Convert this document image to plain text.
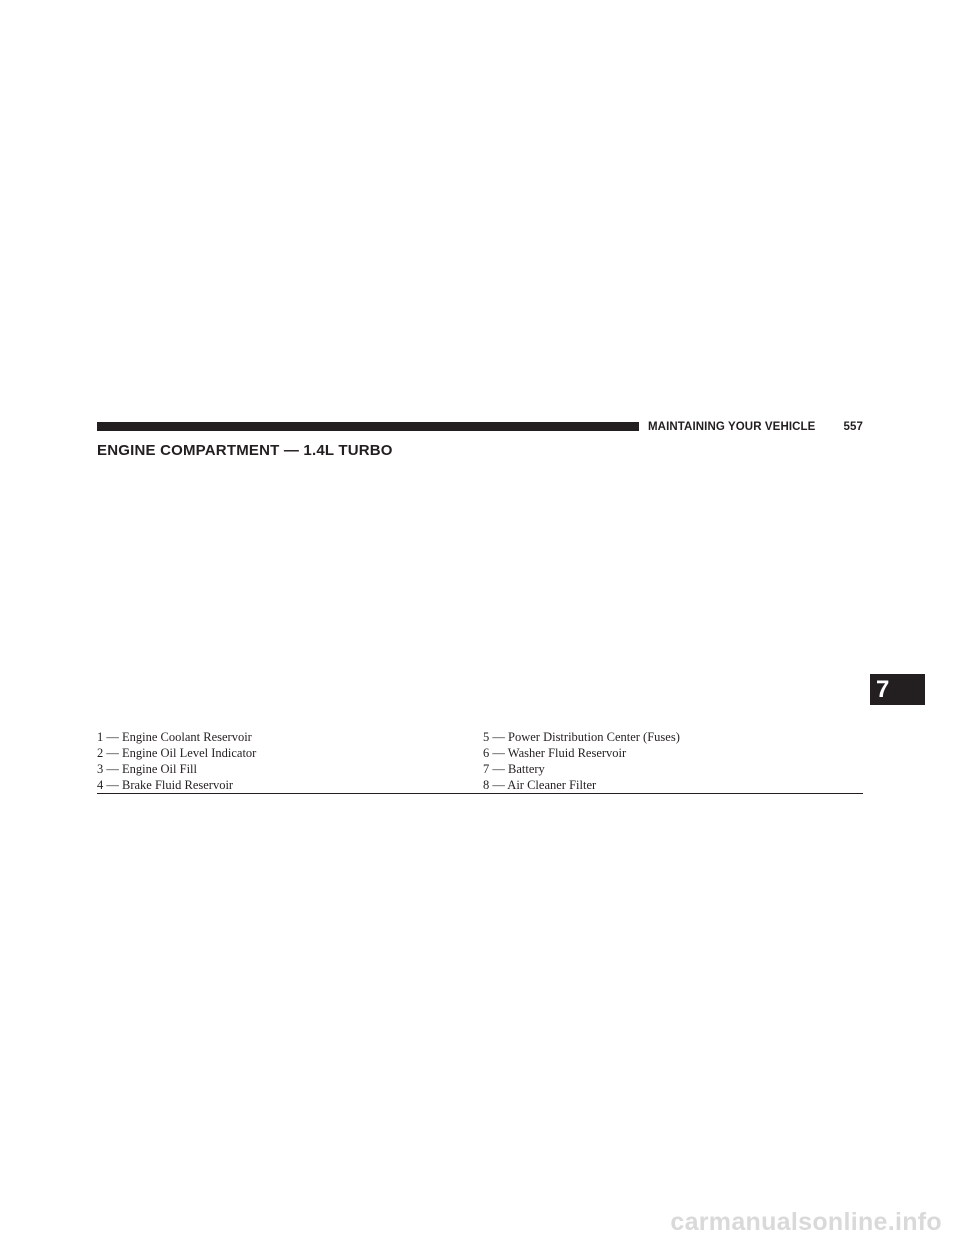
MAINTAINING YOUR VEHICLE 557
ENGINE COMPARTMENT — 1.4L TURBO
7
1 — Engine Coolant Reservoir
2 — Engine Oil Level Indicator
3 — Engine Oil Fill
4 — Brake Fluid Reservoir
5 — Power Distribution Center (Fuses)
6 — Washer Fluid Reservoir
7 — Battery
8 — Air Cleaner Filter
carmanualsonline.info
